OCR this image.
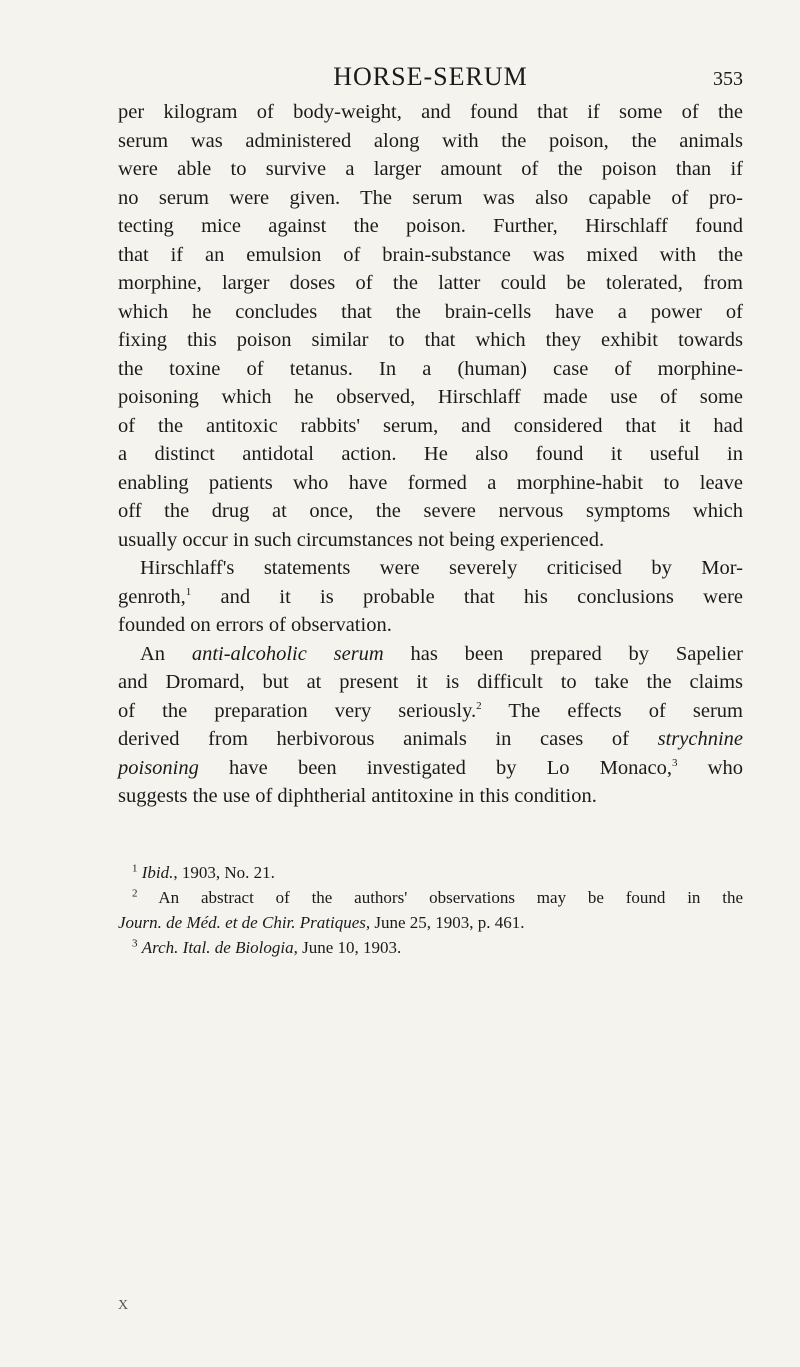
HORSE-SERUM	353
per kilogram of body-weight, and found that if some of the
serum was administered along with the poison, the animals
were able to survive a larger amount of the poison than if
no serum were given. The serum was also capable of pro-
tecting mice against the poison. Further, Hirschlaff found
that if an emulsion of brain-substance was mixed with the
morphine, larger doses of the latter could be tolerated, from
which he concludes that the brain-cells have a power of
fixing this poison similar to that which they exhibit towards
the toxine of tetanus. In a (human) case of morphine-
poisoning which he observed, Hirschlaff made use of some
of the antitoxic rabbits' serum, and considered that it had
a distinct antidotal action. He also found it useful in
enabling patients who have formed a morphine-habit to leave
off the drug at once, the severe nervous symptoms which
usually occur in such circumstances not being experienced.
Hirschlaff's statements were severely criticised by Mor-
genroth,$^1$ and it is probable that his conclusions were
founded on errors of observation.
An anti-alcoholic serum has been prepared by Sapelier
and Dromard, but at present it is difficult to take the claims
of the preparation very seriously.$^2$ The effects of serum
derived from herbivorous animals in cases of strychnine
poisoning have been investigated by Lo Monaco,$^3$ who
suggests the use of diphtherial antitoxine in this condition.
$^1$ Ibid., 1903, No. 21.
$^2$ An abstract of the authors' observations may be found in the
Journ. de Méd. et de Chir. Pratiques, June 25, 1903, p. 461.
$^3$ Arch. Ital. de Biologia, June 10, 1903.
X
